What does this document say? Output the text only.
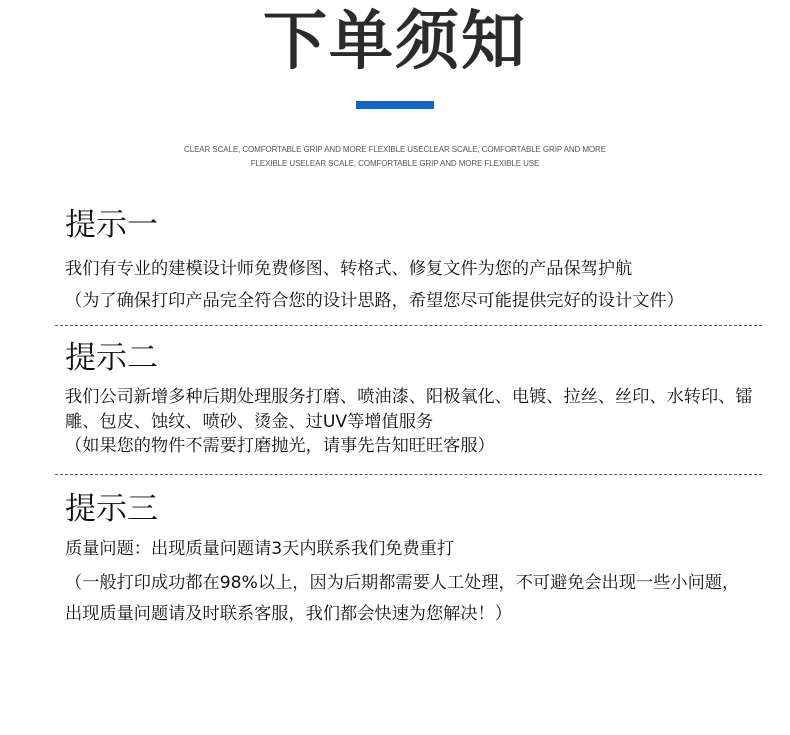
下单须知

CLEAR SCALE, COMFORTABLE GRIP AND MORE FLEXIBLE USECLEAR SCALE, COMFORTABLE GRIP AND MORE

FLEXIBLE USELEAR SCALE, COMFORTABLE GRIP AND MORE FLEXIBLE USE

提示一

我们有专业的建模设计师免费修图、转格式、修复文件为您的产品保驾护航

（为了确保打印产品完全符合您的设计思路，希望您尽可能提供完好的设计文件）

提示二

我们公司新增多种后期处理服务打磨、喷油漆、阳极氧化、电镀、拉丝、丝印、水转印、镭雕、包皮、蚀纹、喷砂、烫金、过UV等增值服务

（如果您的物件不需要打磨抛光，请事先告知旺旺客服）

提示三

质量问题：出现质量问题请3天内联系我们免费重打

（一般打印成功都在98%以上，因为后期都需要人工处理，不可避免会出现一些小问题，出现质量问题请及时联系客服，我们都会快速为您解决！）
